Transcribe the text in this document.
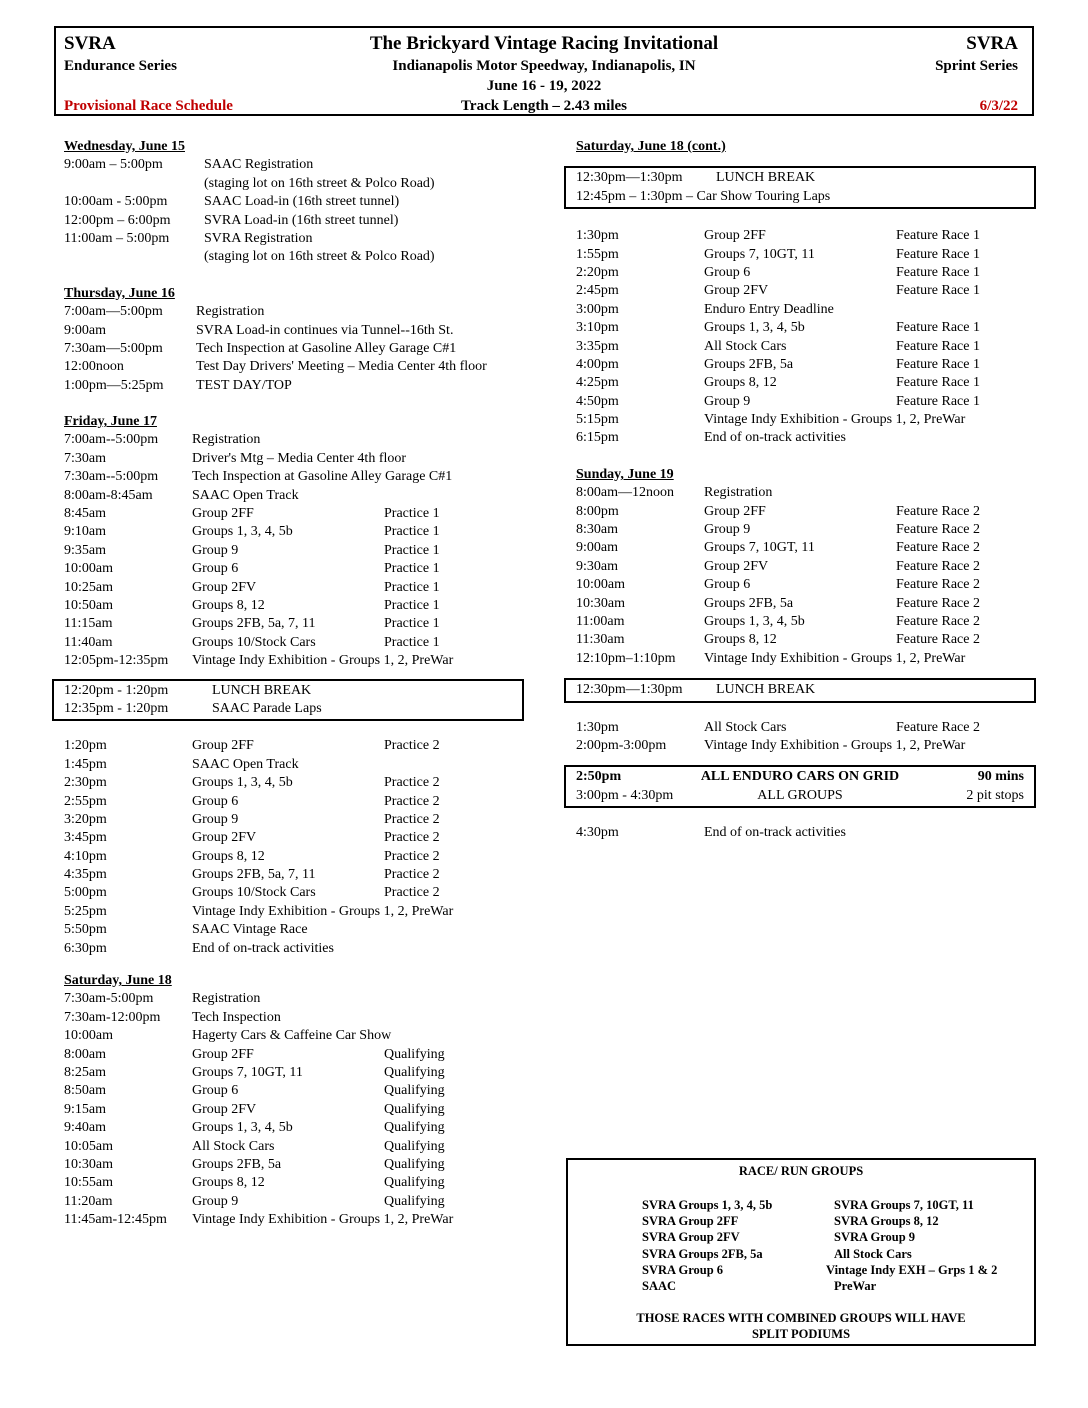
SVRA
Endurance Series
Provisional Race Schedule
The Brickyard Vintage Racing Invitational
Indianapolis Motor Speedway, Indianapolis, IN
June 16 - 19, 2022
Track Length – 2.43 miles
SVRA
Sprint Series
6/3/22
Wednesday, June 15
9:00am – 5:00pm	SAAC Registration
(staging lot on 16th street & Polco Road)
10:00am - 5:00pm	SAAC Load-in (16th street tunnel)
12:00pm – 6:00pm SVRA Load-in (16th street tunnel)
11:00am – 5:00pm SVRA Registration
(staging lot on 16th street & Polco Road)
Thursday, June 16
7:00am—5:00pm Registration
9:00am	SVRA Load-in continues via Tunnel--16th St.
7:30am—5:00pm Tech Inspection at Gasoline Alley Garage C#1
12:00noon	Test Day Drivers' Meeting – Media Center 4th floor
1:00pm—5:25pm TEST DAY/TOP
Friday, June 17
7:00am--5:00pm Registration
7:30am	Driver's Mtg – Media Center 4th floor
7:30am--5:00pm Tech Inspection at Gasoline Alley Garage C#1
8:00am-8:45am	SAAC Open Track
8:45am	Group 2FF	Practice 1
9:10am	Groups 1, 3, 4, 5b	Practice 1
9:35am	Group 9	Practice 1
10:00am	Group 6	Practice 1
10:25am	Group 2FV	Practice 1
10:50am	Groups 8, 12	Practice 1
11:15am	Groups 2FB, 5a, 7, 11	Practice 1
11:40am	Groups 10/Stock Cars	Practice 1
12:05pm-12:35pm Vintage Indy Exhibition - Groups 1, 2, PreWar
12:20pm - 1:20pm	LUNCH BREAK
12:35pm - 1:20pm	SAAC Parade Laps
1:20pm	Group 2FF	Practice 2
1:45pm	SAAC Open Track
2:30pm	Groups 1, 3, 4, 5b	Practice 2
2:55pm	Group 6	Practice 2
3:20pm	Group 9	Practice 2
3:45pm	Group 2FV	Practice 2
4:10pm	Groups 8, 12	Practice 2
4:35pm	Groups 2FB, 5a, 7, 11	Practice 2
5:00pm	Groups 10/Stock Cars	Practice 2
5:25pm	Vintage Indy Exhibition - Groups 1, 2, PreWar
5:50pm	SAAC Vintage Race
6:30pm	End of on-track activities
Saturday, June 18
7:30am-5:00pm	Registration
7:30am-12:00pm Tech Inspection
10:00am	Hagerty Cars & Caffeine Car Show
8:00am	Group 2FF	Qualifying
8:25am	Groups 7, 10GT, 11	Qualifying
8:50am	Group 6	Qualifying
9:15am	Group 2FV	Qualifying
9:40am	Groups 1, 3, 4, 5b	Qualifying
10:05am	All Stock Cars	Qualifying
10:30am	Groups 2FB, 5a	Qualifying
10:55am	Groups 8, 12	Qualifying
11:20am	Group 9	Qualifying
11:45am-12:45pm Vintage Indy Exhibition - Groups 1, 2, PreWar
Saturday, June 18 (cont.)
12:30pm—1:30pm LUNCH BREAK
12:45pm – 1:30pm – Car Show Touring Laps
1:30pm	Group 2FF	Feature Race 1
1:55pm	Groups 7, 10GT, 11	Feature Race 1
2:20pm	Group 6	Feature Race 1
2:45pm	Group 2FV	Feature Race 1
3:00pm	Enduro Entry Deadline
3:10pm	Groups 1, 3, 4, 5b	Feature Race 1
3:35pm	All Stock Cars	Feature Race 1
4:00pm	Groups 2FB, 5a	Feature Race 1
4:25pm	Groups 8, 12	Feature Race 1
4:50pm	Group 9	Feature Race 1
5:15pm	Vintage Indy Exhibition - Groups 1, 2, PreWar
6:15pm	End of on-track activities
Sunday, June 19
8:00am—12noon Registration
8:00pm	Group 2FF	Feature Race 2
8:30am	Group 9	Feature Race 2
9:00am	Groups 7, 10GT, 11	Feature Race 2
9:30am	Group 2FV	Feature Race 2
10:00am	Group 6	Feature Race 2
10:30am	Groups 2FB, 5a	Feature Race 2
11:00am	Groups 1, 3, 4, 5b	Feature Race 2
11:30am	Groups 8, 12	Feature Race 2
12:10pm–1:10pm Vintage Indy Exhibition - Groups 1, 2, PreWar
12:30pm—1:30pm LUNCH BREAK
1:30pm	All Stock Cars	Feature Race 2
2:00pm-3:00pm	Vintage Indy Exhibition - Groups 1, 2, PreWar
2:50pm	ALL ENDURO CARS ON GRID	90 mins
3:00pm - 4:30pm	ALL GROUPS	2 pit stops
4:30pm	End of on-track activities
RACE/ RUN GROUPS
SVRA Groups 1, 3, 4, 5b
SVRA Group 2FF
SVRA Group 2FV
SVRA Groups 2FB, 5a
SVRA Group 6
SAAC
SVRA Groups 7, 10GT, 11
SVRA Groups 8, 12
SVRA Group 9
All Stock Cars
Vintage Indy EXH – Grps 1 & 2
PreWar
THOSE RACES WITH COMBINED GROUPS WILL HAVE
SPLIT PODIUMS
